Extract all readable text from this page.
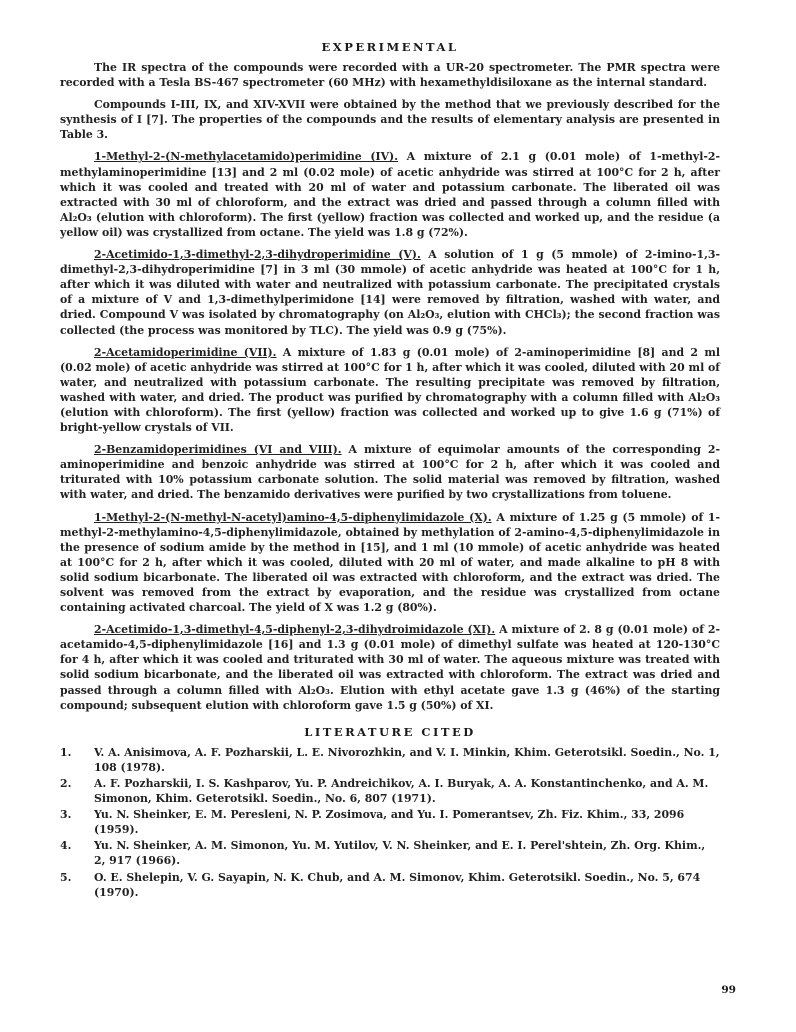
EXPERIMENTAL

The IR spectra of the compounds were recorded with a UR-20 spectrometer. The PMR spectra were recorded with a Tesla BS-467 spectrometer (60 MHz) with hexamethyldisiloxane as the internal standard.

Compounds I-III, IX, and XIV-XVII were obtained by the method that we previously described for the synthesis of I [7]. The properties of the compounds and the results of elementary analysis are presented in Table 3.

1-Methyl-2-(N-methylacetamido)perimidine (IV). A mixture of 2.1 g (0.01 mole) of 1-methyl-2-methylaminoperimidine [13] and 2 ml (0.02 mole) of acetic anhydride was stirred at 100°C for 2 h, after which it was cooled and treated with 20 ml of water and potassium carbonate. The liberated oil was extracted with 30 ml of chloroform, and the extract was dried and passed through a column filled with Al₂O₃ (elution with chloroform). The first (yellow) fraction was collected and worked up, and the residue (a yellow oil) was crystallized from octane. The yield was 1.8 g (72%).

2-Acetimido-1,3-dimethyl-2,3-dihydroperimidine (V). A solution of 1 g (5 mmole) of 2-imino-1,3-dimethyl-2,3-dihydroperimidine [7] in 3 ml (30 mmole) of acetic anhydride was heated at 100°C for 1 h, after which it was diluted with water and neutralized with potassium carbonate. The precipitated crystals of a mixture of V and 1,3-dimethylperimidone [14] were removed by filtration, washed with water, and dried. Compound V was isolated by chromatography (on Al₂O₃, elution with CHCl₃); the second fraction was collected (the process was monitored by TLC). The yield was 0.9 g (75%).

2-Acetamidoperimidine (VII). A mixture of 1.83 g (0.01 mole) of 2-aminoperimidine [8] and 2 ml (0.02 mole) of acetic anhydride was stirred at 100°C for 1 h, after which it was cooled, diluted with 20 ml of water, and neutralized with potassium carbonate. The resulting precipitate was removed by filtration, washed with water, and dried. The product was purified by chromatography with a column filled with Al₂O₃ (elution with chloroform). The first (yellow) fraction was collected and worked up to give 1.6 g (71%) of bright-yellow crystals of VII.

2-Benzamidoperimidines (VI and VIII). A mixture of equimolar amounts of the corresponding 2-aminoperimidine and benzoic anhydride was stirred at 100°C for 2 h, after which it was cooled and triturated with 10% potassium carbonate solution. The solid material was removed by filtration, washed with water, and dried. The benzamido derivatives were purified by two crystallizations from toluene.

1-Methyl-2-(N-methyl-N-acetyl)amino-4,5-diphenylimidazole (X). A mixture of 1.25 g (5 mmole) of 1-methyl-2-methylamino-4,5-diphenylimidazole, obtained by methylation of 2-amino-4,5-diphenylimidazole in the presence of sodium amide by the method in [15], and 1 ml (10 mmole) of acetic anhydride was heated at 100°C for 2 h, after which it was cooled, diluted with 20 ml of water, and made alkaline to pH 8 with solid sodium bicarbonate. The liberated oil was extracted with chloroform, and the extract was dried. The solvent was removed from the extract by evaporation, and the residue was crystallized from octane containing activated charcoal. The yield of X was 1.2 g (80%).

2-Acetimido-1,3-dimethyl-4,5-diphenyl-2,3-dihydroimidazole (XI). A mixture of 2. 8 g (0.01 mole) of 2-acetamido-4,5-diphenylimidazole [16] and 1.3 g (0.01 mole) of dimethyl sulfate was heated at 120-130°C for 4 h, after which it was cooled and triturated with 30 ml of water. The aqueous mixture was treated with solid sodium bicarbonate, and the liberated oil was extracted with chloroform. The extract was dried and passed through a column filled with Al₂O₃. Elution with ethyl acetate gave 1.3 g (46%) of the starting compound; subsequent elution with chloroform gave 1.5 g (50%) of XI.

LITERATURE CITED
1.	V. A. Anisimova, A. F. Pozharskii, L. E. Nivorozhkin, and V. I. Minkin, Khim. Geterotsikl. Soedin., No. 1, 108 (1978).
2.	A. F. Pozharskii, I. S. Kashparov, Yu. P. Andreichikov, A. I. Buryak, A. A. Konstantinchenko, and A. M. Simonon, Khim. Geterotsikl. Soedin., No. 6, 807 (1971).
3.	Yu. N. Sheinker, E. M. Peresleni, N. P. Zosimova, and Yu. I. Pomerantsev, Zh. Fiz. Khim., 33, 2096 (1959).
4.	Yu. N. Sheinker, A. M. Simonon, Yu. M. Yutilov, V. N. Sheinker, and E. I. Perel'shtein, Zh. Org. Khim., 2, 917 (1966).
5.	O. E. Shelepin, V. G. Sayapin, N. K. Chub, and A. M. Simonov, Khim. Geterotsikl. Soedin., No. 5, 674 (1970).
99
